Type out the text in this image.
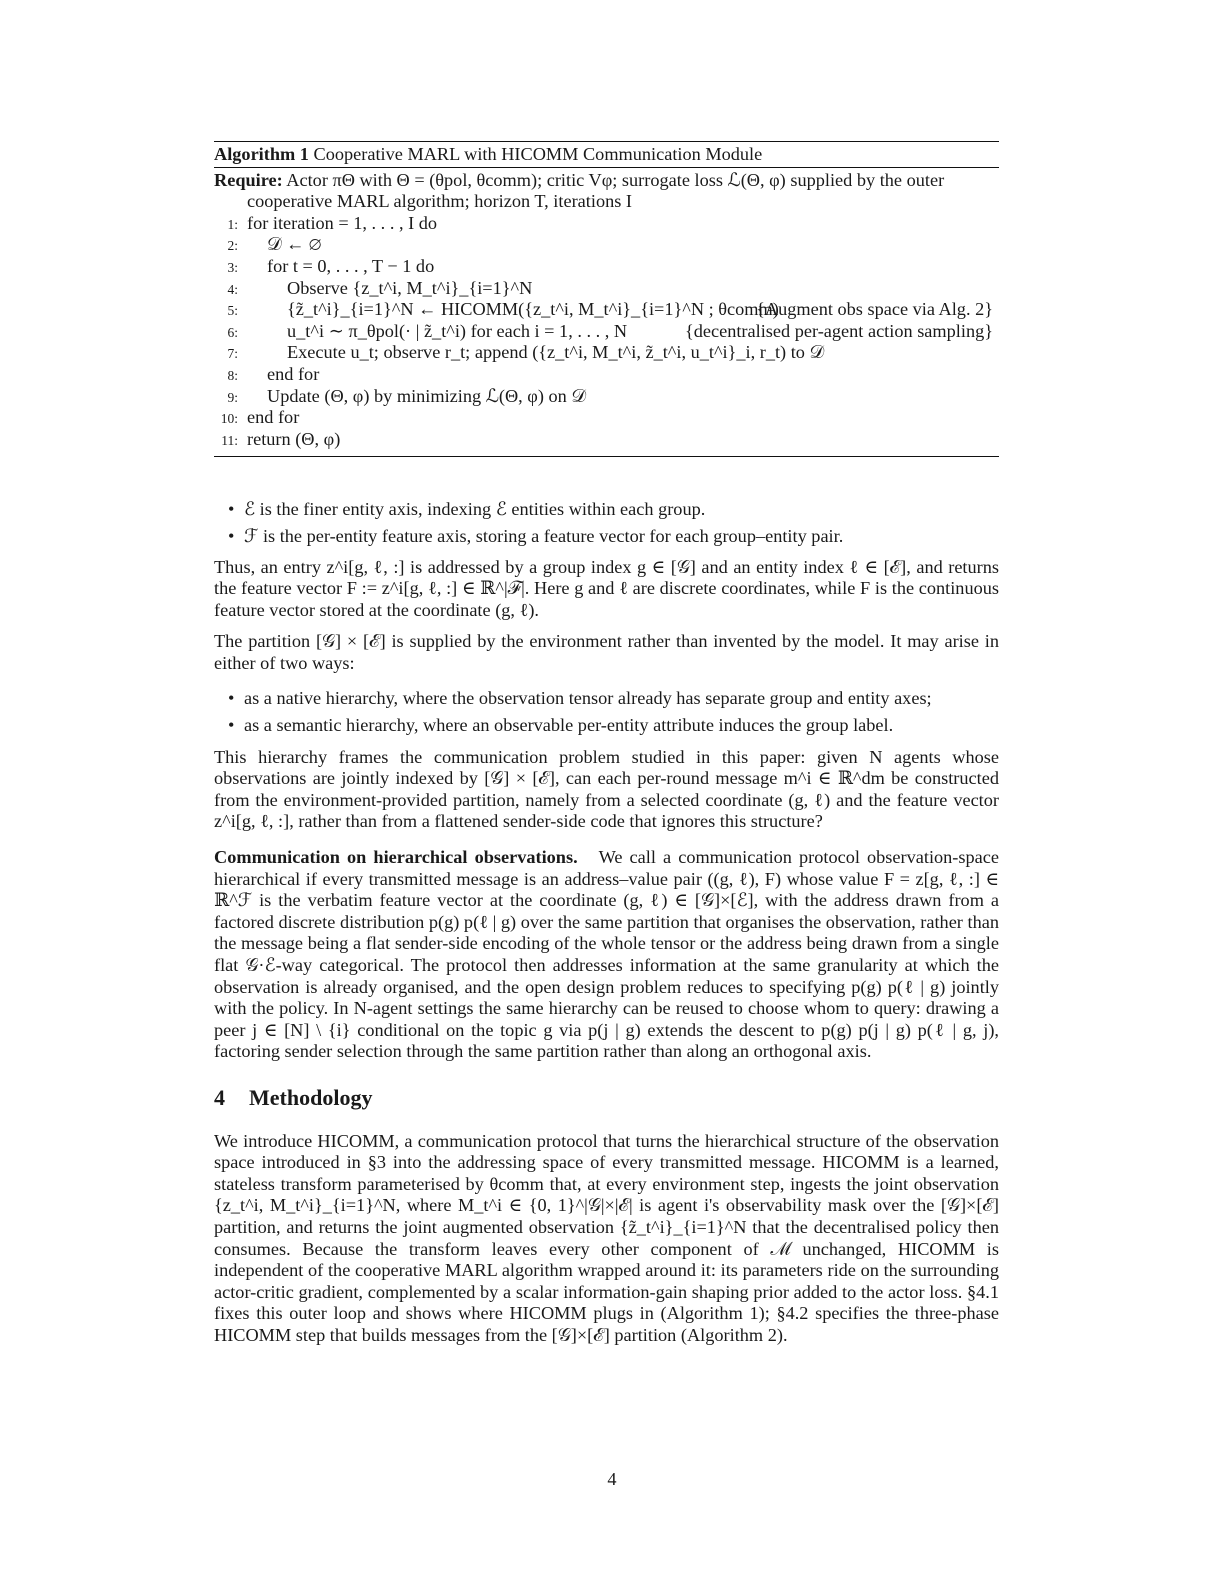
Algorithm 1 Cooperative MARL with HICOMM Communication Module
Require: Actor πΘ with Θ = (θpol, θcomm); critic Vφ; surrogate loss ℒ(Θ, φ) supplied by the outer
cooperative MARL algorithm; horizon T, iterations I
1: for iteration = 1, . . . , I do
2:	𝒟 ← ∅
3:	for t = 0, . . . , T − 1 do
4:	Observe {z_t^i, M_t^i}_{i=1}^N
5:	{z̃_t^i}_{i=1}^N ← HICOMM({z_t^i, M_t^i}_{i=1}^N ; θcomm)
{Augment obs space via Alg. 2}
6:	u_t^i ∼ π_θpol(· | z̃_t^i) for each i = 1, . . . , N	{decentralised per-agent action sampling}
7:	Execute u_t; observe r_t; append ({z_t^i, M_t^i, z̃_t^i, u_t^i}_i, r_t) to 𝒟
8:	end for
9:	Update (Θ, φ) by minimizing ℒ(Θ, φ) on 𝒟
10: end for
11: return (Θ, φ)
• ℰ is the finer entity axis, indexing ℰ entities within each group.
• ℱ is the per-entity feature axis, storing a feature vector for each group–entity pair.

Thus, an entry z^i[g, ℓ, :] is addressed by a group index g ∈ [𝒢] and an entity index ℓ ∈ [ℰ], and returns the feature vector F := z^i[g, ℓ, :] ∈ ℝ^|ℱ|. Here g and ℓ are discrete coordinates, while F is the continuous feature vector stored at the coordinate (g, ℓ).

The partition [𝒢] × [ℰ] is supplied by the environment rather than invented by the model. It may arise in either of two ways:

• as a native hierarchy, where the observation tensor already has separate group and entity axes;
• as a semantic hierarchy, where an observable per-entity attribute induces the group label.

This hierarchy frames the communication problem studied in this paper: given N agents whose observations are jointly indexed by [𝒢] × [ℰ], can each per-round message m^i ∈ ℝ^dm be constructed from the environment-provided partition, namely from a selected coordinate (g, ℓ) and the feature vector z^i[g, ℓ, :], rather than from a flattened sender-side code that ignores this structure?

Communication on hierarchical observations. We call a communication protocol observation-space hierarchical if every transmitted message is an address–value pair ((g, ℓ), F) whose value F = z[g, ℓ, :] ∈ ℝ^ℱ is the verbatim feature vector at the coordinate (g, ℓ) ∈ [𝒢]×[ℰ], with the address drawn from a factored discrete distribution p(g) p(ℓ | g) over the same partition that organises the observation, rather than the message being a flat sender-side encoding of the whole tensor or the address being drawn from a single flat 𝒢·ℰ-way categorical. The protocol then addresses information at the same granularity at which the observation is already organised, and the open design problem reduces to specifying p(g) p(ℓ | g) jointly with the policy. In N-agent settings the same hierarchy can be reused to choose whom to query: drawing a peer j ∈ [N] \ {i} conditional on the topic g via p(j | g) extends the descent to p(g) p(j | g) p(ℓ | g, j), factoring sender selection through the same partition rather than along an orthogonal axis.

4 Methodology

We introduce HICOMM, a communication protocol that turns the hierarchical structure of the observation space introduced in §3 into the addressing space of every transmitted message. HICOMM is a learned, stateless transform parameterised by θcomm that, at every environment step, ingests the joint observation {z_t^i, M_t^i}_{i=1}^N, where M_t^i ∈ {0, 1}^|𝒢|×|ℰ| is agent i's observability mask over the [𝒢]×[ℰ] partition, and returns the joint augmented observation {z̃_t^i}_{i=1}^N that the decentralised policy then consumes. Because the transform leaves every other component of ℳ unchanged, HICOMM is independent of the cooperative MARL algorithm wrapped around it: its parameters ride on the surrounding actor-critic gradient, complemented by a scalar information-gain shaping prior added to the actor loss. §4.1 fixes this outer loop and shows where HICOMM plugs in (Algorithm 1); §4.2 specifies the three-phase HICOMM step that builds messages from the [𝒢]×[ℰ] partition (Algorithm 2).

4
